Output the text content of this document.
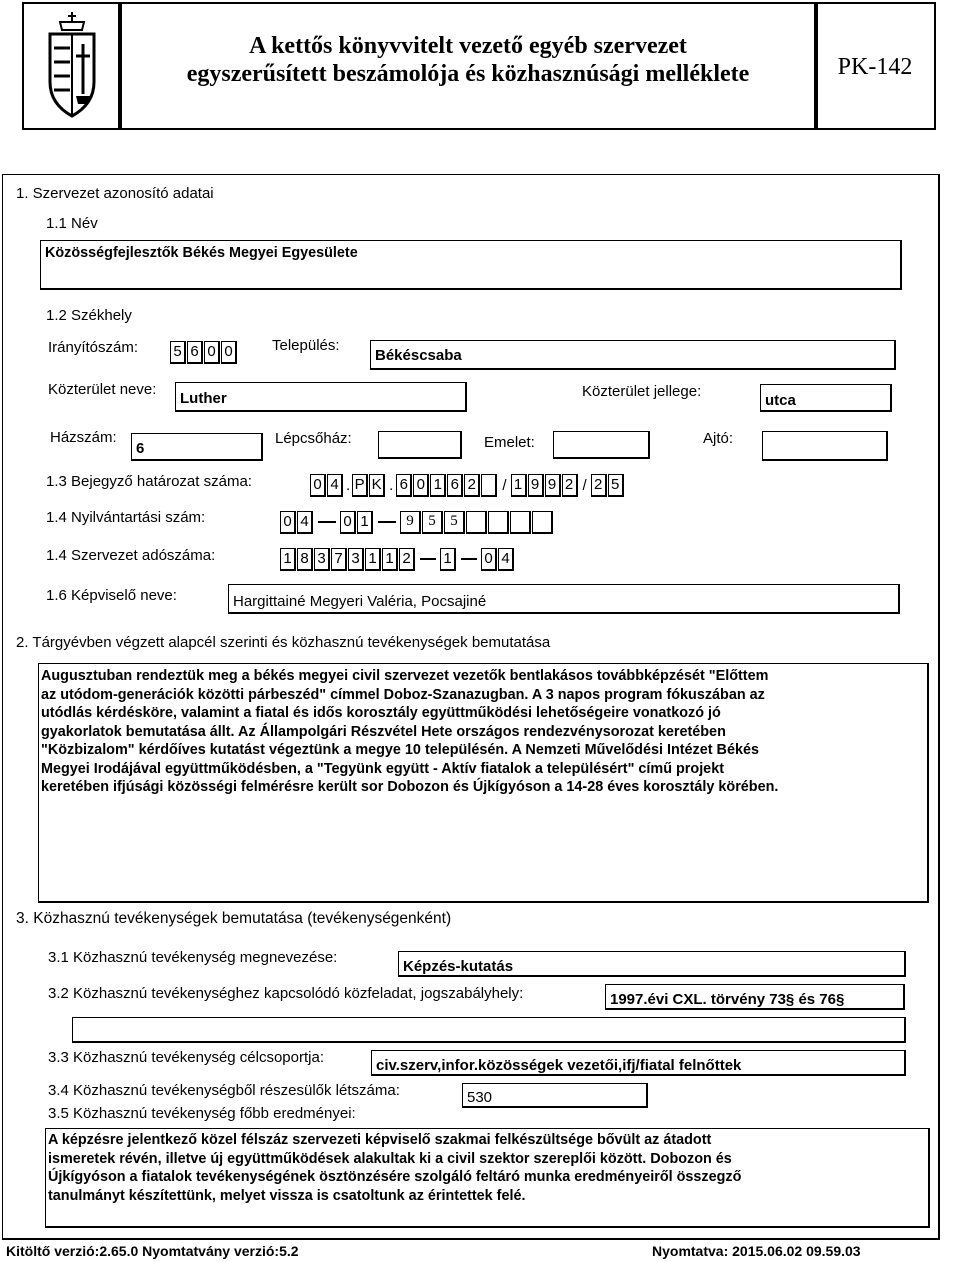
A kettős könyvvitelt vezető egyéb szervezet
egyszerűsített beszámolója és közhasznúsági melléklete	PK-142
1. Szervezet azonosító adatai
1.1 Név
Közösségfejlesztők Békés Megyei Egyesülete
1.2 Székhely
Irányítószám: 5 6 0 0	Település:
Békéscsaba
Közterület neve:
Luther	Közterület jellege:
utca
Házszám:
6
Lépcsőház:	Emelet:	Ajtó:
1.3 Bejegyző határozat száma:	0 4 . P K . 6 0 1 6 2 / 1 9 9 2 / 2 5
1.4 Nyilvántartási szám:	0 4 0 1	9 5 5
1.4 Szervezet adószáma:	1 8 3 7 3 1 1 2 1 0 4
1.6 Képviselő neve:	Hargittainé Megyeri Valéria, Pocsajiné
2. Tárgyévben végzett alapcél szerinti és közhasznú tevékenységek bemutatása
Augusztuban rendeztük meg a békés megyei civil szervezet vezetők bentlakásos továbbképzését "Előttem
az utódom-generációk közötti párbeszéd" címmel Doboz-Szanazugban. A 3 napos program fókuszában az
utódlás kérdésköre, valamint a fiatal és idős korosztály együttműködési lehetőségeire vonatkozó jó
gyakorlatok bemutatása állt. Az Állampolgári Részvétel Hete országos rendezvénysorozat keretében
"Közbizalom" kérdőíves kutatást végeztünk a megye 10 településén. A Nemzeti Művelődési Intézet Békés
Megyei Irodájával együttműködésben, a "Tegyünk együtt - Aktív fiatalok a településért" című projekt
keretében ifjúsági közösségi felmérésre került sor Dobozon és Újkígyóson a 14-28 éves korosztály körében.
3. Közhasznú tevékenységek bemutatása (tevékenységenként)
3.1 Közhasznú tevékenység megnevezése:
Képzés-kutatás
3.2 Közhasznú tevékenységhez kapcsolódó közfeladat, jogszabályhely:	1997.évi CXL. törvény 73§ és 76§
3.3 Közhasznú tevékenység célcsoportja:	civ.szerv,infor.közösségek vezetői,ifj/fiatal felnőttek
3.4 Közhasznú tevékenységből részesülők létszáma:	530
3.5 Közhasznú tevékenység főbb eredményei:
A képzésre jelentkező közel félszáz szervezeti képviselő szakmai felkészültsége bővült az átadott
ismeretek révén, illetve új együttműködések alakultak ki a civil szektor szereplői között. Dobozon és
Újkígyóson a fiatalok tevékenységének ösztönzésére szolgáló feltáró munka eredményeiről összegző
tanulmányt készítettünk, melyet vissza is csatoltunk az érintettek felé.
Kitöltő verzió:2.65.0 Nyomtatvány verzió:5.2	Nyomtatva: 2015.06.02 09.59.03
